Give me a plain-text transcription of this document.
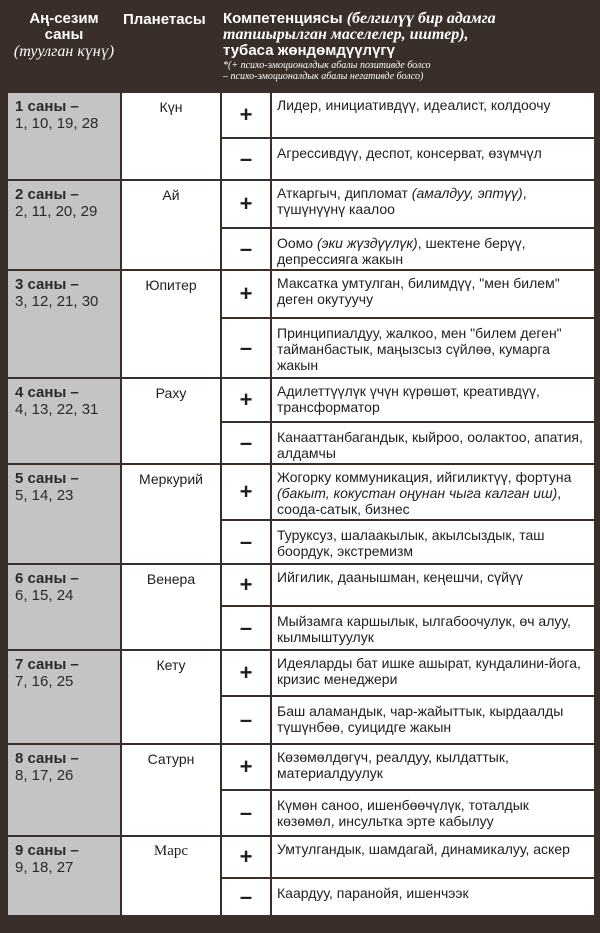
Аң-сезим саны
(туулган күнү)	Планетасы	Компетенциясы (белгилүү бир адамга тапшырылган маселелер, иштер),
тубаса жөндөмдүүлүгү
*(+ психо-эмоционалдык абалы позитивде болсо
– психо-эмоционалдык абалы негативде болсо)	

1 саны –
1, 10, 19, 28	Күн	+	Лидер, инициативдүү, идеалист, колдоочу
		–	Агрессивдүү, деспот, консерват, өзүмчүл
2 саны –
2, 11, 20, 29	Ай	+	Аткаргыч, дипломат (амалдуу, эптүү), түшүнүүнү каалоо
		–	Оомо (эки жүздүүлүк), шектене берүү, депрессияга жакын
3 саны –
3, 12, 21, 30	Юпитер	+	Максатка умтулган, билимдүү, "мен билем" деген окутуучу
		–	Принципиалдуу, жалкоо, мен "билем деген" тайманбастык, маңызсыз сүйлөө, кумарга жакын
4 саны –
4, 13, 22, 31	Раху	+	Адилеттүүлүк үчүн күрөшөт, креативдүү, трансформатор
		–	Канааттанбагандык, кыйроо, оолактоо, апатия, алдамчы
5 саны –
5, 14, 23	Меркурий	+	Жогорку коммуникация, ийгиликтүү, фортуна (бакыт, кокустан оңунан чыга калган иш), соода-сатык, бизнес
		–	Туруксуз, шалаакылык, акылсыздык, таш боордук, экстремизм
6 саны –
6, 15, 24	Венера	+	Ийгилик, даанышман, кеңешчи, сүйүү
		–	Мыйзамга каршылык, ылгабоочулук, өч алуу, кылмыштуулук
7 саны –
7, 16, 25	Кету	+	Идеяларды бат ишке ашырат, кундалини-йога, кризис менеджери
		–	Баш аламандык, чар-жайыттык, кырдаалды түшүнбөө, суицидге жакын
8 саны –
8, 17, 26	Сатурн	+	Көзөмөлдөгүч, реалдуу, кылдаттык, материалдуулук
		–	Күмөн саноо, ишенбөөчүлүк, тоталдык көзөмөл, инсультка эрте кабылуу
9 саны –
9, 18, 27	Марс	+	Умтулгандык, шамдагай, динамикалуу, аскер
		–	Каардуу, паранойя, ишенчээк
